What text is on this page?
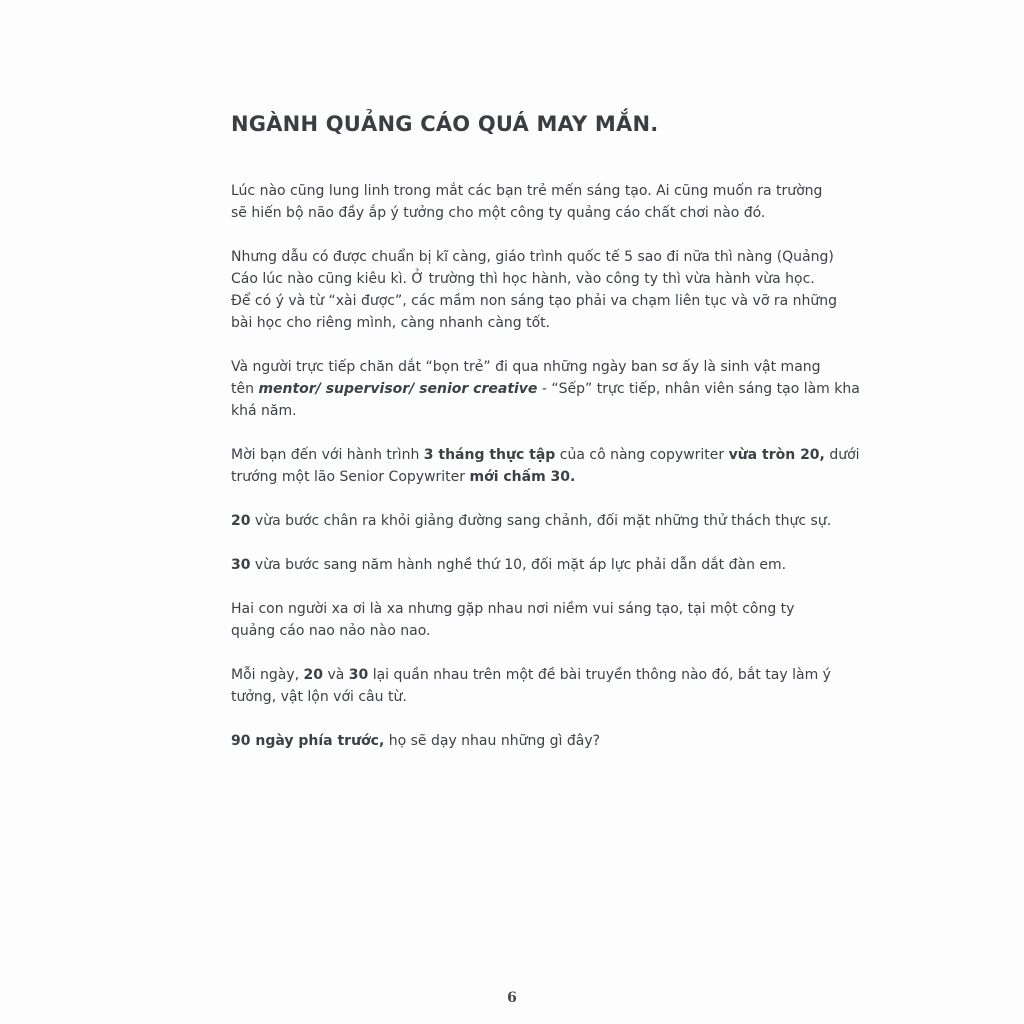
NGÀNH QUẢNG CÁO QUÁ MAY MẮN.

Lúc nào cũng lung linh trong mắt các bạn trẻ mến sáng tạo. Ai cũng muốn ra trường
sẽ hiến bộ não đầy ắp ý tưởng cho một công ty quảng cáo chất chơi nào đó.

Nhưng dẫu có được chuẩn bị kĩ càng, giáo trình quốc tế 5 sao đi nữa thì nàng (Quảng)
Cáo lúc nào cũng kiêu kì. Ở trường thì học hành, vào công ty thì vừa hành vừa học.
Để có ý và từ “xài được”, các mầm non sáng tạo phải va chạm liên tục và vỡ ra những
bài học cho riêng mình, càng nhanh càng tốt.

Và người trực tiếp chăn dắt “bọn trẻ” đi qua những ngày ban sơ ấy là sinh vật mang
tên mentor/ supervisor/ senior creative - “Sếp” trực tiếp, nhân viên sáng tạo làm kha
khá năm.

Mời bạn đến với hành trình 3 tháng thực tập của cô nàng copywriter vừa tròn 20, dưới
trướng một lão Senior Copywriter mới chấm 30.

20 vừa bước chân ra khỏi giảng đường sang chảnh, đối mặt những thử thách thực sự.

30 vừa bước sang năm hành nghề thứ 10, đối mặt áp lực phải dẫn dắt đàn em.

Hai con người xa ơi là xa nhưng gặp nhau nơi niềm vui sáng tạo, tại một công ty
quảng cáo nao nảo nào nao.

Mỗi ngày, 20 và 30 lại quần nhau trên một đề bài truyền thông nào đó, bắt tay làm ý
tưởng, vật lộn với câu từ.

90 ngày phía trước, họ sẽ dạy nhau những gì đây?

6
